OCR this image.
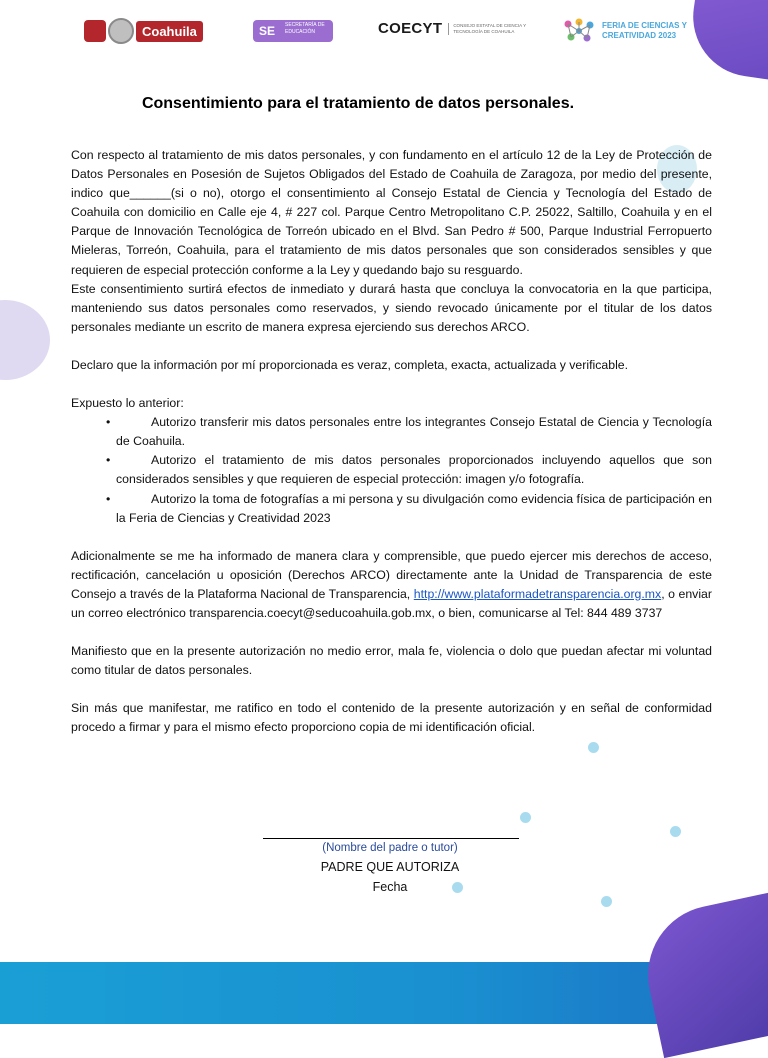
Coahuila	SE	SECRETARÍA DE EDUCACIÓN	COECYT	CONSEJO ESTATAL DE CIENCIA Y TECNOLOGÍA DE COAHUILA
FERIA DE CIENCIAS Y
CREATIVIDAD 2023
Consentimiento para el tratamiento de datos personales.

Con respecto al tratamiento de mis datos personales, y con fundamento en el artículo 12 de la Ley de Protección de Datos Personales en Posesión de Sujetos Obligados del Estado de Coahuila de Zaragoza, por medio del presente, indico que______(si o no), otorgo el consentimiento al Consejo Estatal de Ciencia y Tecnología del Estado de Coahuila con domicilio en Calle eje 4, # 227 col. Parque Centro Metropolitano C.P. 25022, Saltillo, Coahuila y en el Parque de Innovación Tecnológica de Torreón ubicado en el Blvd. San Pedro # 500, Parque Industrial Ferropuerto Mieleras, Torreón, Coahuila, para el tratamiento de mis datos personales que son considerados sensibles y que requieren de especial protección conforme a la Ley y quedando bajo su resguardo.

Este consentimiento surtirá efectos de inmediato y durará hasta que concluya la convocatoria en la que participa, manteniendo sus datos personales como reservados, y siendo revocado únicamente por el titular de los datos personales mediante un escrito de manera expresa ejerciendo sus derechos ARCO.

Declaro que la información por mí proporcionada es veraz, completa, exacta, actualizada y verificable.

Expuesto lo anterior:

• Autorizo transferir mis datos personales entre los integrantes Consejo Estatal de Ciencia y Tecnología de Coahuila.
• Autorizo el tratamiento de mis datos personales proporcionados incluyendo aquellos que son considerados sensibles y que requieren de especial protección: imagen y/o fotografía.
• Autorizo la toma de fotografías a mi persona y su divulgación como evidencia física de participación en la Feria de Ciencias y Creatividad 2023

Adicionalmente se me ha informado de manera clara y comprensible, que puedo ejercer mis derechos de acceso, rectificación, cancelación u oposición (Derechos ARCO) directamente ante la Unidad de Transparencia de este Consejo a través de la Plataforma Nacional de Transparencia, http://www.plataformadetransparencia.org.mx, o enviar un correo electrónico transparencia.coecyt@seducoahuila.gob.mx, o bien, comunicarse al Tel: 844 489 3737

Manifiesto que en la presente autorización no medio error, mala fe, violencia o dolo que puedan afectar mi voluntad como titular de datos personales.

Sin más que manifestar, me ratifico en todo el contenido de la presente autorización y en señal de conformidad procedo a firmar y para el mismo efecto proporciono copia de mi identificación oficial.

(Nombre del padre o tutor)
PADRE QUE AUTORIZA
Fecha
